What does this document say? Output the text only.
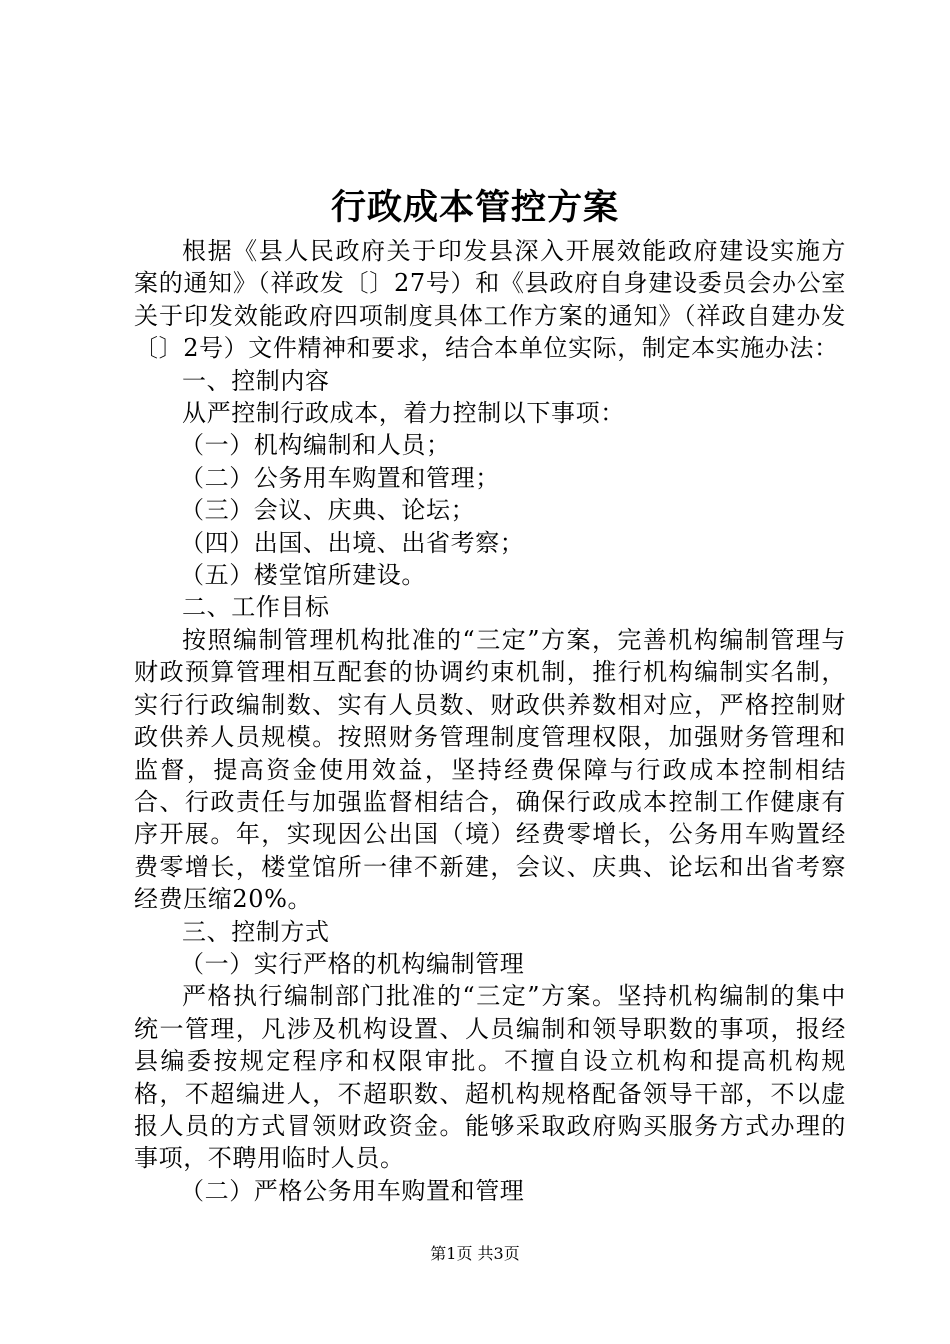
行政成本管控方案

根据《县人民政府关于印发县深入开展效能政府建设实施方案的通知》（祥政发〔〕27号）和《县政府自身建设委员会办公室关于印发效能政府四项制度具体工作方案的通知》（祥政自建办发〔〕2号）文件精神和要求，结合本单位实际，制定本实施办法：

一、控制内容

从严控制行政成本，着力控制以下事项：

（一）机构编制和人员；

（二）公务用车购置和管理；

（三）会议、庆典、论坛；

（四）出国、出境、出省考察；

（五）楼堂馆所建设。

二、工作目标

按照编制管理机构批准的“三定”方案，完善机构编制管理与财政预算管理相互配套的协调约束机制，推行机构编制实名制，实行行政编制数、实有人员数、财政供养数相对应，严格控制财政供养人员规模。按照财务管理制度管理权限，加强财务管理和监督，提高资金使用效益，坚持经费保障与行政成本控制相结合、行政责任与加强监督相结合，确保行政成本控制工作健康有序开展。年，实现因公出国（境）经费零增长，公务用车购置经费零增长，楼堂馆所一律不新建，会议、庆典、论坛和出省考察经费压缩20%。

三、控制方式

（一）实行严格的机构编制管理

严格执行编制部门批准的“三定”方案。坚持机构编制的集中统一管理，凡涉及机构设置、人员编制和领导职数的事项，报经县编委按规定程序和权限审批。不擅自设立机构和提高机构规格，不超编进人，不超职数、超机构规格配备领导干部，不以虚报人员的方式冒领财政资金。能够采取政府购买服务方式办理的事项，不聘用临时人员。

（二）严格公务用车购置和管理

第1页 共3页
